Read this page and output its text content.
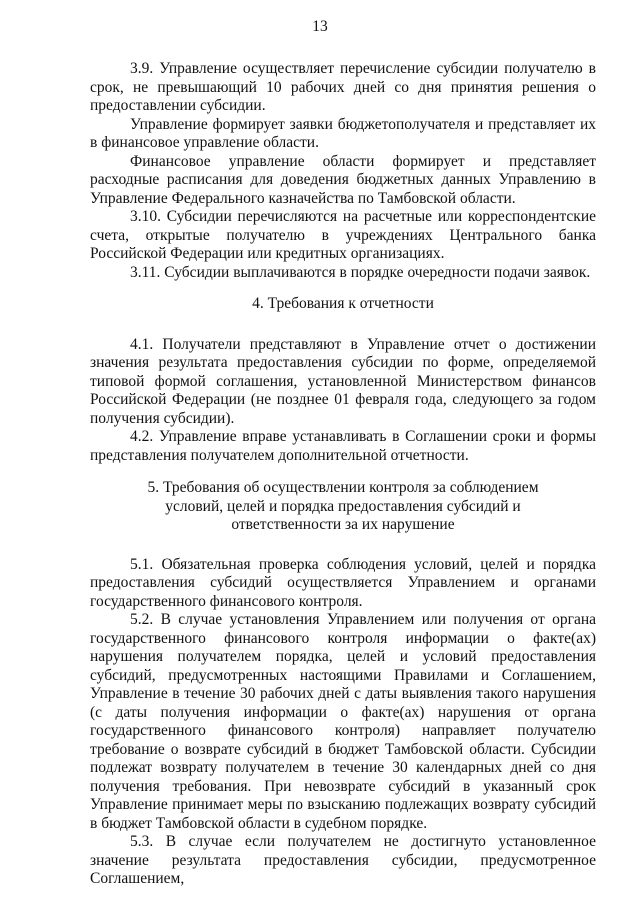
13

3.9. Управление осуществляет перечисление субсидии получателю в срок, не превышающий 10 рабочих дней со дня принятия решения о предоставлении субсидии.

Управление формирует заявки бюджетополучателя и представляет их в финансовое управление области.

Финансовое управление области формирует и представляет расходные расписания для доведения бюджетных данных Управлению в Управление Федерального казначейства по Тамбовской области.

3.10. Субсидии перечисляются на расчетные или корреспондентские счета, открытые получателю в учреждениях Центрального банка Российской Федерации или кредитных организациях.

3.11. Субсидии выплачиваются в порядке очередности подачи заявок.

4. Требования к отчетности

4.1. Получатели представляют в Управление отчет о достижении значения результата предоставления субсидии по форме, определяемой типовой формой соглашения, установленной Министерством финансов Российской Федерации (не позднее 01 февраля года, следующего за годом получения субсидии).

4.2. Управление вправе устанавливать в Соглашении сроки и формы представления получателем дополнительной отчетности.

5. Требования об осуществлении контроля за соблюдением
условий, целей и порядка предоставления субсидий и
ответственности за их нарушение

5.1. Обязательная проверка соблюдения условий, целей и порядка предоставления субсидий осуществляется Управлением и органами государственного финансового контроля.

5.2. В случае установления Управлением или получения от органа государственного финансового контроля информации о факте(ах) нарушения получателем порядка, целей и условий предоставления субсидий, предусмотренных настоящими Правилами и Соглашением, Управление в течение 30 рабочих дней с даты выявления такого нарушения (с даты получения информации о факте(ах) нарушения от органа государственного финансового контроля) направляет получателю требование о возврате субсидий в бюджет Тамбовской области. Субсидии подлежат возврату получателем в течение 30 календарных дней со дня получения требования. При невозврате субсидий в указанный срок Управление принимает меры по взысканию подлежащих возврату субсидий в бюджет Тамбовской области в судебном порядке.

5.3. В случае если получателем не достигнуто установленное значение результата предоставления субсидии, предусмотренное Соглашением,
